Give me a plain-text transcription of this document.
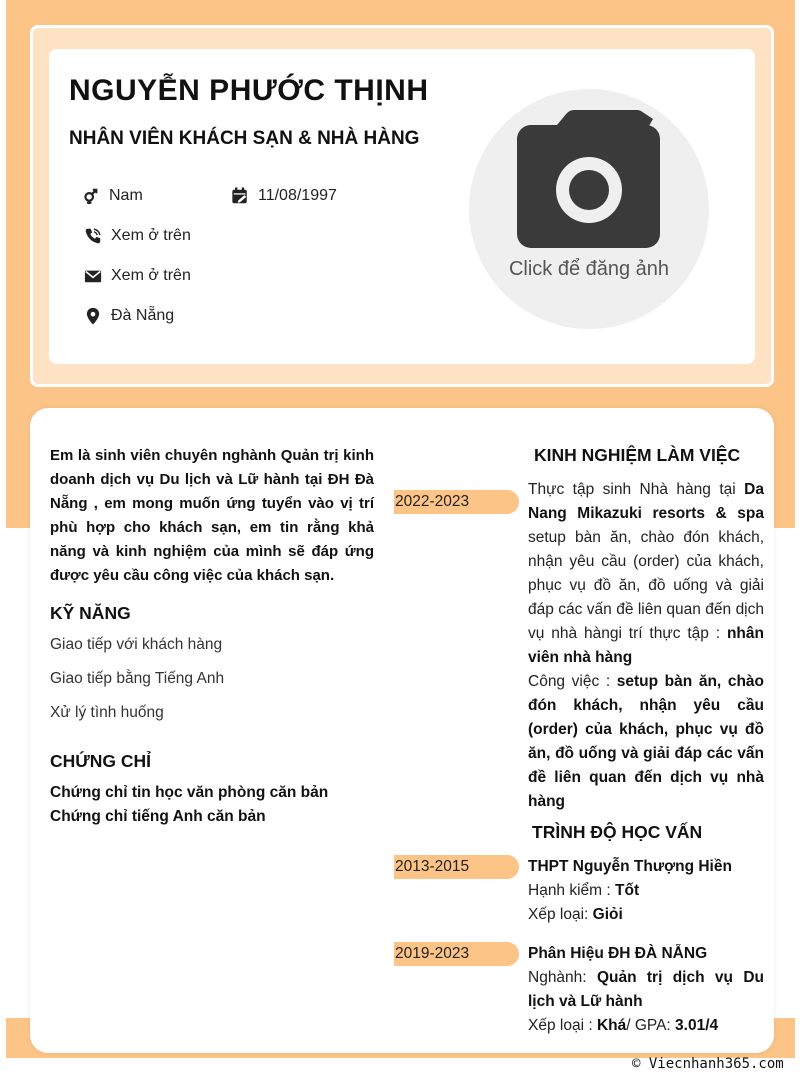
NGUYỄN PHƯỚC THỊNH
NHÂN VIÊN KHÁCH SẠN & NHÀ HÀNG
Nam	11/08/1997
Xem ở trên
Xem ở trên
Đà Nẵng
Click để đăng ảnh
Em là sinh viên chuyên nghành Quản trị kinh doanh dịch vụ Du lịch và Lữ hành tại ĐH Đà Nẵng , em mong muốn ứng tuyển vào vị trí phù hợp cho khách sạn, em tin rằng khả năng và kinh nghiệm của mình sẽ đáp ứng được yêu cầu công việc của khách sạn.
KỸ NĂNG
Giao tiếp với khách hàng
Giao tiếp bằng Tiếng Anh
Xử lý tình huống
CHỨNG CHỈ
Chứng chỉ tin học văn phòng căn bản
Chứng chỉ tiếng Anh căn bản
KINH NGHIỆM LÀM VIỆC
2022-2023
Thực tập sinh Nhà hàng tại Da Nang Mikazuki resorts & spa setup bàn ăn, chào đón khách, nhận yêu cầu (order) của khách, phục vụ đồ ăn, đồ uống và giải đáp các vấn đề liên quan đến dịch vụ nhà hàngi trí thực tập : nhân viên nhà hàng
Công việc : setup bàn ăn, chào đón khách, nhận yêu cầu (order) của khách, phục vụ đồ ăn, đồ uống và giải đáp các vấn đề liên quan đến dịch vụ nhà hàng
TRÌNH ĐỘ HỌC VẤN
2013-2015	THPT Nguyễn Thượng Hiền
Hạnh kiểm : Tốt
Xếp loại: Giỏi
2019-2023	Phân Hiệu ĐH ĐÀ NẴNG
Nghành: Quản trị dịch vụ Du lịch và Lữ hành
Xếp loại : Khá/ GPA: 3.01/4
© Viecnhanh365.com
